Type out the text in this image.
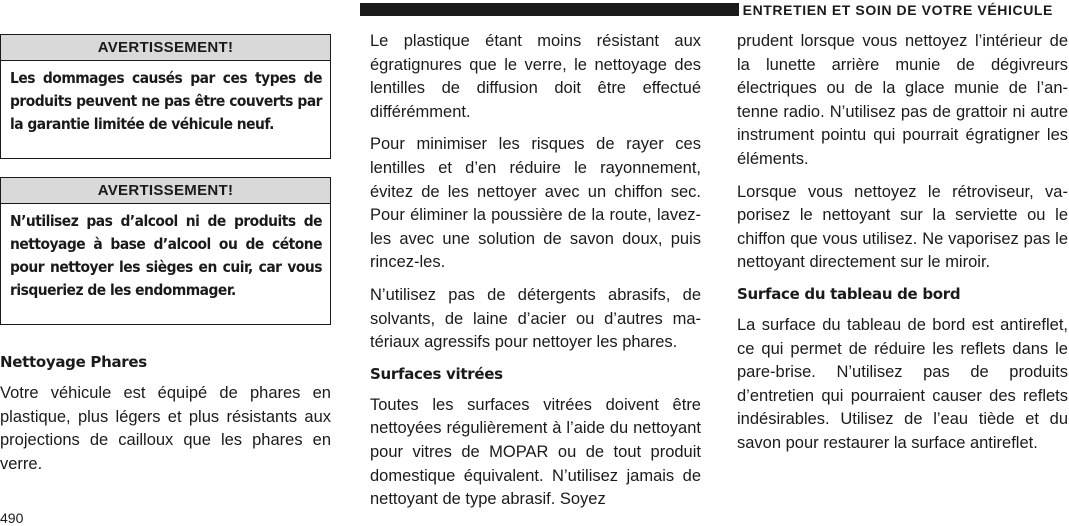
ENTRETIEN ET SOIN DE VOTRE VÉHICULE
AVERTISSEMENT!
Les dommages causés par ces types de produits peuvent ne pas être couverts par la garantie limitée de véhicule neuf.
AVERTISSEMENT!
N’utilisez pas d’alcool ni de produits de nettoyage à base d’alcool ou de cétone pour nettoyer les sièges en cuir, car vous risqueriez de les endommager.
Nettoyage Phares

Votre véhicule est équipé de phares en plastique, plus légers et plus résistants aux projections de cailloux que les phares en verre.

Le plastique étant moins résistant aux égratignures que le verre, le nettoyage des lentilles de diffusion doit être effectué différémment.

Pour minimiser les risques de rayer ces lentilles et d’en réduire le rayonnement, évitez de les nettoyer avec un chiffon sec. Pour éliminer la poussière de la route, lavez-les avec une solution de savon doux, puis rincez-les.

N’utilisez pas de détergents abrasifs, de solvants, de laine d’acier ou d’autres matériaux agressifs pour nettoyer les phares.

Surfaces vitrées

Toutes les surfaces vitrées doivent être nettoyées régulièrement à l’aide du nettoyant pour vitres de MOPAR ou de tout produit domestique équivalent. N’utilisez jamais de nettoyant de type abrasif. Soyez

prudent lorsque vous nettoyez l’intérieur de la lunette arrière munie de dégivreurs électriques ou de la glace munie de l’antenne radio. N’utilisez pas de grattoir ni autre instrument pointu qui pourrait égratigner les éléments.

Lorsque vous nettoyez le rétroviseur, vaporisez le nettoyant sur la serviette ou le chiffon que vous utilisez. Ne vaporisez pas le nettoyant directement sur le miroir.

Surface du tableau de bord

La surface du tableau de bord est antireflet, ce qui permet de réduire les reflets dans le pare-brise. N’utilisez pas de produits d’entretien qui pourraient causer des reflets indésirables. Utilisez de l’eau tiède et du savon pour restaurer la surface antireflet.

490
